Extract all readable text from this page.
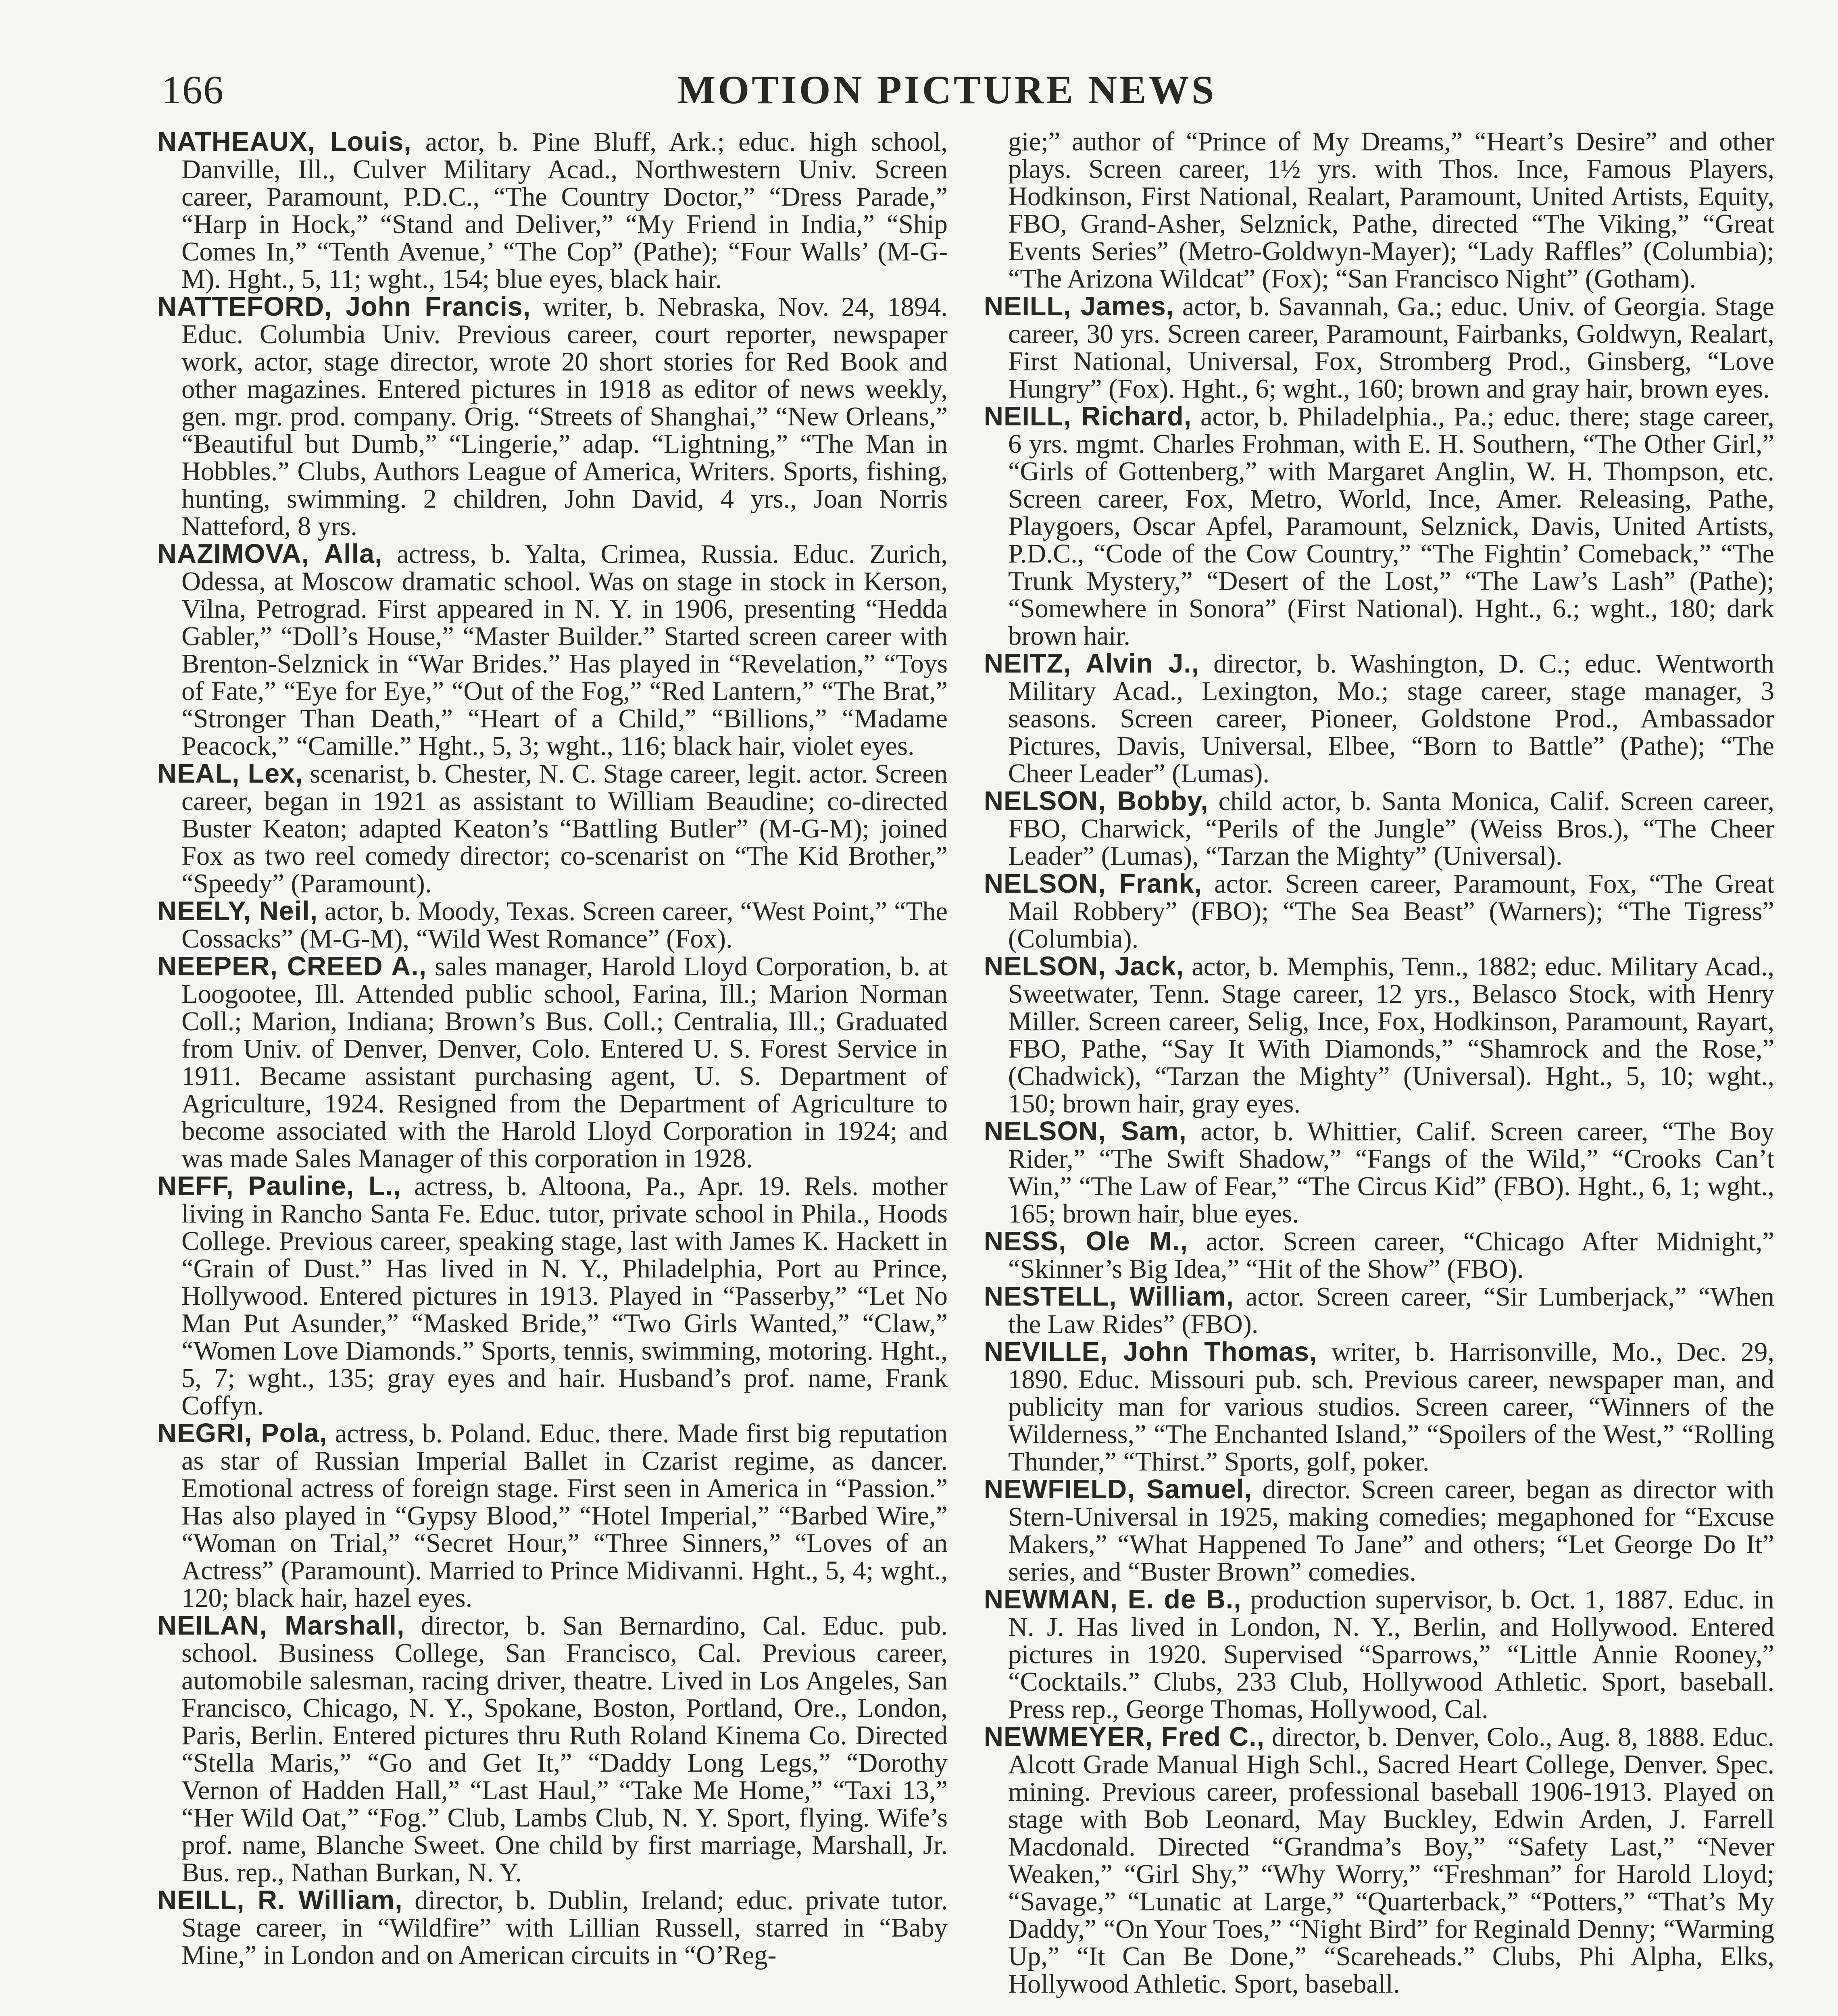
166	MOTION PICTURE NEWS

NATHEAUX, Louis, actor, b. Pine Bluff, Ark.; educ. high school, Danville, Ill., Culver Military Acad., Northwestern Univ. Screen career, Paramount, P.D.C., “The Country Doctor,” “Dress Parade,” “Harp in Hock,” “Stand and Deliver,” “My Friend in India,” “Ship Comes In,” “Tenth Avenue,’ “The Cop” (Pathe); “Four Walls’ (M-G-M). Hght., 5, 11; wght., 154; blue eyes, black hair.

NATTEFORD, John Francis, writer, b. Nebraska, Nov. 24, 1894. Educ. Columbia Univ. Previous career, court reporter, newspaper work, actor, stage director, wrote 20 short stories for Red Book and other magazines. Entered pictures in 1918 as editor of news weekly, gen. mgr. prod. company. Orig. “Streets of Shanghai,” “New Orleans,” “Beautiful but Dumb,” “Lingerie,” adap. “Lightning,” “The Man in Hobbles.” Clubs, Authors League of America, Writers. Sports, fishing, hunting, swimming. 2 children, John David, 4 yrs., Joan Norris Natteford, 8 yrs.

NAZIMOVA, Alla, actress, b. Yalta, Crimea, Russia. Educ. Zurich, Odessa, at Moscow dramatic school. Was on stage in stock in Kerson, Vilna, Petrograd. First appeared in N. Y. in 1906, presenting “Hedda Gabler,” “Doll’s House,” “Master Builder.” Started screen career with Brenton-Selznick in “War Brides.” Has played in “Revelation,” “Toys of Fate,” “Eye for Eye,” “Out of the Fog,” “Red Lantern,” “The Brat,” “Stronger Than Death,” “Heart of a Child,” “Billions,” “Madame Peacock,” “Camille.” Hght., 5, 3; wght., 116; black hair, violet eyes.

NEAL, Lex, scenarist, b. Chester, N. C. Stage career, legit. actor. Screen career, began in 1921 as assistant to William Beaudine; co-directed Buster Keaton; adapted Keaton’s “Battling Butler” (M-G-M); joined Fox as two reel comedy director; co-scenarist on “The Kid Brother,” “Speedy” (Paramount).

NEELY, Neil, actor, b. Moody, Texas. Screen career, “West Point,” “The Cossacks” (M-G-M), “Wild West Romance” (Fox).

NEEPER, CREED A., sales manager, Harold Lloyd Corporation, b. at Loogootee, Ill. Attended public school, Farina, Ill.; Marion Norman Coll.; Marion, Indiana; Brown’s Bus. Coll.; Centralia, Ill.; Graduated from Univ. of Denver, Denver, Colo. Entered U. S. Forest Service in 1911. Became assistant purchasing agent, U. S. Department of Agriculture, 1924. Resigned from the Department of Agriculture to become associated with the Harold Lloyd Corporation in 1924; and was made Sales Manager of this corporation in 1928.

NEFF, Pauline, L., actress, b. Altoona, Pa., Apr. 19. Rels. mother living in Rancho Santa Fe. Educ. tutor, private school in Phila., Hoods College. Previous career, speaking stage, last with James K. Hackett in “Grain of Dust.” Has lived in N. Y., Philadelphia, Port au Prince, Hollywood. Entered pictures in 1913. Played in “Passerby,” “Let No Man Put Asunder,” “Masked Bride,” “Two Girls Wanted,” “Claw,” “Women Love Diamonds.” Sports, tennis, swimming, motoring. Hght., 5, 7; wght., 135; gray eyes and hair. Husband’s prof. name, Frank Coffyn.

NEGRI, Pola, actress, b. Poland. Educ. there. Made first big reputation as star of Russian Imperial Ballet in Czarist regime, as dancer. Emotional actress of foreign stage. First seen in America in “Passion.” Has also played in “Gypsy Blood,” “Hotel Imperial,” “Barbed Wire,” “Woman on Trial,” “Secret Hour,” “Three Sinners,” “Loves of an Actress” (Paramount). Married to Prince Midivanni. Hght., 5, 4; wght., 120; black hair, hazel eyes.

NEILAN, Marshall, director, b. San Bernardino, Cal. Educ. pub. school. Business College, San Francisco, Cal. Previous career, automobile salesman, racing driver, theatre. Lived in Los Angeles, San Francisco, Chicago, N. Y., Spokane, Boston, Portland, Ore., London, Paris, Berlin. Entered pictures thru Ruth Roland Kinema Co. Directed “Stella Maris,” “Go and Get It,” “Daddy Long Legs,” “Dorothy Vernon of Hadden Hall,” “Last Haul,” “Take Me Home,” “Taxi 13,” “Her Wild Oat,” “Fog.” Club, Lambs Club, N. Y. Sport, flying. Wife’s prof. name, Blanche Sweet. One child by first marriage, Marshall, Jr. Bus. rep., Nathan Burkan, N. Y.

NEILL, R. William, director, b. Dublin, Ireland; educ. private tutor. Stage career, in “Wildfire” with Lillian Russell, starred in “Baby Mine,” in London and on American circuits in “O’Reg-

gie;” author of “Prince of My Dreams,” “Heart’s Desire” and other plays. Screen career, 1½ yrs. with Thos. Ince, Famous Players, Hodkinson, First National, Realart, Paramount, United Artists, Equity, FBO, Grand-Asher, Selznick, Pathe, directed “The Viking,” “Great Events Series” (Metro-Goldwyn-Mayer); “Lady Raffles” (Columbia); “The Arizona Wildcat” (Fox); “San Francisco Night” (Gotham).

NEILL, James, actor, b. Savannah, Ga.; educ. Univ. of Georgia. Stage career, 30 yrs. Screen career, Paramount, Fairbanks, Goldwyn, Realart, First National, Universal, Fox, Stromberg Prod., Ginsberg, “Love Hungry” (Fox). Hght., 6; wght., 160; brown and gray hair, brown eyes.

NEILL, Richard, actor, b. Philadelphia., Pa.; educ. there; stage career, 6 yrs. mgmt. Charles Frohman, with E. H. Southern, “The Other Girl,” “Girls of Gottenberg,” with Margaret Anglin, W. H. Thompson, etc. Screen career, Fox, Metro, World, Ince, Amer. Releasing, Pathe, Playgoers, Oscar Apfel, Paramount, Selznick, Davis, United Artists, P.D.C., “Code of the Cow Country,” “The Fightin’ Comeback,” “The Trunk Mystery,” “Desert of the Lost,” “The Law’s Lash” (Pathe); “Somewhere in Sonora” (First National). Hght., 6.; wght., 180; dark brown hair.

NEITZ, Alvin J., director, b. Washington, D. C.; educ. Wentworth Military Acad., Lexington, Mo.; stage career, stage manager, 3 seasons. Screen career, Pioneer, Goldstone Prod., Ambassador Pictures, Davis, Universal, Elbee, “Born to Battle” (Pathe); “The Cheer Leader” (Lumas).

NELSON, Bobby, child actor, b. Santa Monica, Calif. Screen career, FBO, Charwick, “Perils of the Jungle” (Weiss Bros.), “The Cheer Leader” (Lumas), “Tarzan the Mighty” (Universal).

NELSON, Frank, actor. Screen career, Paramount, Fox, “The Great Mail Robbery” (FBO); “The Sea Beast” (Warners); “The Tigress” (Columbia).

NELSON, Jack, actor, b. Memphis, Tenn., 1882; educ. Military Acad., Sweetwater, Tenn. Stage career, 12 yrs., Belasco Stock, with Henry Miller. Screen career, Selig, Ince, Fox, Hodkinson, Paramount, Rayart, FBO, Pathe, “Say It With Diamonds,” “Shamrock and the Rose,” (Chadwick), “Tarzan the Mighty” (Universal). Hght., 5, 10; wght., 150; brown hair, gray eyes.

NELSON, Sam, actor, b. Whittier, Calif. Screen career, “The Boy Rider,” “The Swift Shadow,” “Fangs of the Wild,” “Crooks Can’t Win,” “The Law of Fear,” “The Circus Kid” (FBO). Hght., 6, 1; wght., 165; brown hair, blue eyes.

NESS, Ole M., actor. Screen career, “Chicago After Midnight,” “Skinner’s Big Idea,” “Hit of the Show” (FBO).

NESTELL, William, actor. Screen career, “Sir Lumberjack,” “When the Law Rides” (FBO).

NEVILLE, John Thomas, writer, b. Harrisonville, Mo., Dec. 29, 1890. Educ. Missouri pub. sch. Previous career, newspaper man, and publicity man for various studios. Screen career, “Winners of the Wilderness,” “The Enchanted Island,” “Spoilers of the West,” “Rolling Thunder,” “Thirst.” Sports, golf, poker.

NEWFIELD, Samuel, director. Screen career, began as director with Stern-Universal in 1925, making comedies; megaphoned for “Excuse Makers,” “What Happened To Jane” and others; “Let George Do It” series, and “Buster Brown” comedies.

NEWMAN, E. de B., production supervisor, b. Oct. 1, 1887. Educ. in N. J. Has lived in London, N. Y., Berlin, and Hollywood. Entered pictures in 1920. Supervised “Sparrows,” “Little Annie Rooney,” “Cocktails.” Clubs, 233 Club, Hollywood Athletic. Sport, baseball. Press rep., George Thomas, Hollywood, Cal.

NEWMEYER, Fred C., director, b. Denver, Colo., Aug. 8, 1888. Educ. Alcott Grade Manual High Schl., Sacred Heart College, Denver. Spec. mining. Previous career, professional baseball 1906-1913. Played on stage with Bob Leonard, May Buckley, Edwin Arden, J. Farrell Macdonald. Directed “Grandma’s Boy,” “Safety Last,” “Never Weaken,” “Girl Shy,” “Why Worry,” “Freshman” for Harold Lloyd; “Savage,” “Lunatic at Large,” “Quarterback,” “Potters,” “That’s My Daddy,” “On Your Toes,” “Night Bird” for Reginald Denny; “Warming Up,” “It Can Be Done,” “Scareheads.” Clubs, Phi Alpha, Elks, Hollywood Athletic. Sport, baseball.
